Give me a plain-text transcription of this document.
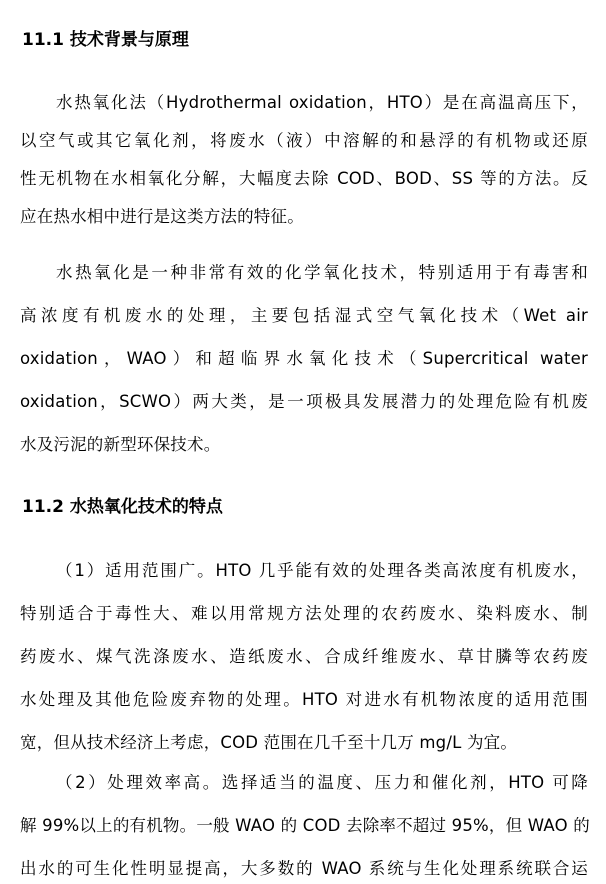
11.1 技术背景与原理
水热氧化法（Hydrothermal oxidation，HTO）是在高温高压下，
以空气或其它氧化剂，将废水（液）中溶解的和悬浮的有机物或还原
性无机物在水相氧化分解，大幅度去除 COD、BOD、SS 等的方法。反
应在热水相中进行是这类方法的特征。
水热氧化是一种非常有效的化学氧化技术，特别适用于有毒害和
高浓度有机废水的处理，主要包括湿式空气氧化技术（Wet air
oxidation，WAO）和超临界水氧化技术（Supercritical water
oxidation，SCWO）两大类，是一项极具发展潜力的处理危险有机废
水及污泥的新型环保技术。
11.2 水热氧化技术的特点
（1）适用范围广。HTO 几乎能有效的处理各类高浓度有机废水，
特别适合于毒性大、难以用常规方法处理的农药废水、染料废水、制
药废水、煤气洗涤废水、造纸废水、合成纤维废水、草甘膦等农药废
水处理及其他危险废弃物的处理。HTO 对进水有机物浓度的适用范围
宽，但从技术经济上考虑，COD 范围在几千至十几万 mg/L 为宜。
（2）处理效率高。选择适当的温度、压力和催化剂，HTO 可降
解 99%以上的有机物。一般 WAO 的 COD 去除率不超过 95%，但 WAO 的
出水的可生化性明显提高，大多数的 WAO 系统与生化处理系统联合运
